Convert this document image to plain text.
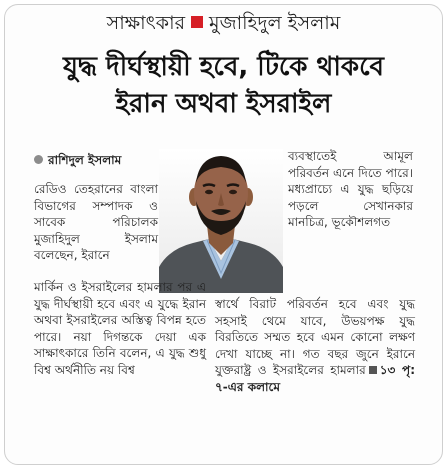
সাক্ষাৎকার মুজাহিদুল ইসলাম
যুদ্ধ দীর্ঘস্থায়ী হবে, টিকে থাকবে
ইরান অথবা ইসরাইল
রাশিদুল ইসলাম

রেডিও তেহরানের বাংলা বিভাগের সম্পাদক ও সাবেক পরিচালক মুজাহিদুল ইসলাম বলেছেন, ইরানে

ব্যবস্থাতেই আমূল পরিবর্তন এনে দিতে পারে। মধ্যপ্রাচ্যে এ যুদ্ধ ছড়িয়ে পড়লে সেখানকার মানচিত্র, ভূকৌশলগত

মার্কিন ও ইসরাইলের হামলার পর এ যুদ্ধ দীর্ঘস্থায়ী হবে এবং এ যুদ্ধে ইরান অথবা ইসরাইলের অস্তিত্ব বিপন্ন হতে পারে। নয়া দিগন্তকে দেয়া এক সাক্ষাৎকারে তিনি বলেন, এ যুদ্ধ শুধু বিশ্ব অর্থনীতি নয় বিশ্ব

স্বার্থে বিরাট পরিবর্তন হবে এবং যুদ্ধ সহসাই থেমে যাবে, উভয়পক্ষ যুদ্ধ বিরতিতে সম্মত হবে এমন কোনো লক্ষণ দেখা যাচ্ছে না। গত বছর জুনে ইরানে যুক্তরাষ্ট্র ও ইসরাইলের হামলার ১৩ পৃ: ৭-এর কলামে
